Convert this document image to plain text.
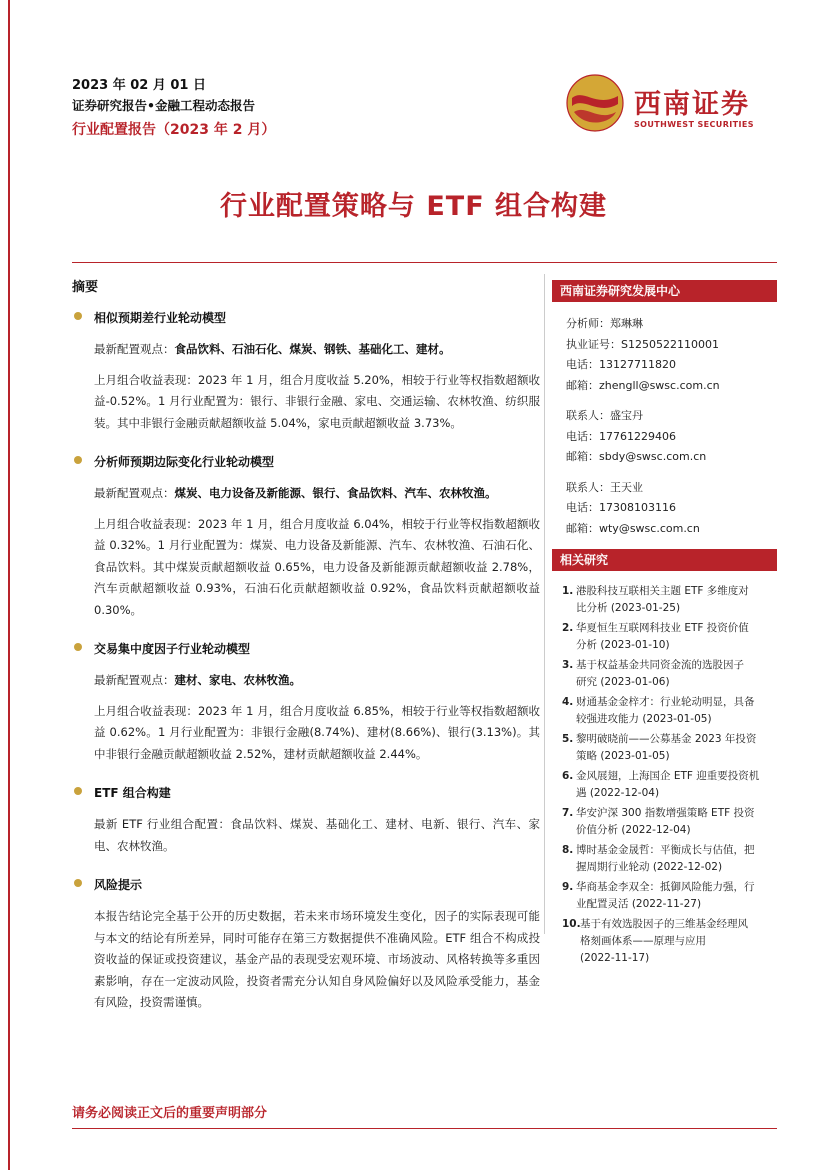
2023 年 02 月 01 日
证券研究报告•金融工程动态报告
行业配置报告（2023 年 2 月）
西南证券
SOUTHWEST SECURITIES
行业配置策略与 ETF 组合构建
摘要
相似预期差行业轮动模型
最新配置观点：食品饮料、石油石化、煤炭、钢铁、基础化工、建材。
上月组合收益表现：2023 年 1 月，组合月度收益 5.20%，相较于行业等权指数超额收益-0.52%。1 月行业配置为：银行、非银行金融、家电、交通运输、农林牧渔、纺织服装。其中非银行金融贡献超额收益 5.04%，家电贡献超额收益 3.73%。
分析师预期边际变化行业轮动模型
最新配置观点：煤炭、电力设备及新能源、银行、食品饮料、汽车、农林牧渔。
上月组合收益表现：2023 年 1 月，组合月度收益 6.04%，相较于行业等权指数超额收益 0.32%。1 月行业配置为：煤炭、电力设备及新能源、汽车、农林牧渔、石油石化、食品饮料。其中煤炭贡献超额收益 0.65%，电力设备及新能源贡献超额收益 2.78%，汽车贡献超额收益 0.93%，石油石化贡献超额收益 0.92%，食品饮料贡献超额收益 0.30%。
交易集中度因子行业轮动模型
最新配置观点：建材、家电、农林牧渔。
上月组合收益表现：2023 年 1 月，组合月度收益 6.85%，相较于行业等权指数超额收益 0.62%。1 月行业配置为：非银行金融(8.74%)、建材(8.66%)、银行(3.13%)。其中非银行金融贡献超额收益 2.52%，建材贡献超额收益 2.44%。
ETF 组合构建
最新 ETF 行业组合配置：食品饮料、煤炭、基础化工、建材、电新、银行、汽车、家电、农林牧渔。
风险提示
本报告结论完全基于公开的历史数据，若未来市场环境发生变化，因子的实际表现可能与本文的结论有所差异，同时可能存在第三方数据提供不准确风险。ETF 组合不构成投资收益的保证或投资建议，基金产品的表现受宏观环境、市场波动、风格转换等多重因素影响，存在一定波动风险，投资者需充分认知自身风险偏好以及风险承受能力，基金有风险，投资需谨慎。
西南证券研究发展中心
分析师：郑琳琳
执业证号：S1250522110001
电话：13127711820
邮箱：zhengll@swsc.com.cn
联系人：盛宝丹
电话：17761229406
邮箱：sbdy@swsc.com.cn
联系人：王天业
电话：17308103116
邮箱：wty@swsc.com.cn
相关研究
1. 港股科技互联相关主题 ETF 多维度对
比分析 (2023-01-25)
2. 华夏恒生互联网科技业 ETF 投资价值
分析 (2023-01-10)
3. 基于权益基金共同资金流的选股因子
研究 (2023-01-06)
4. 财通基金金梓才：行业轮动明显，具备
较强进攻能力 (2023-01-05)
5. 黎明破晓前——公募基金 2023 年投资
策略 (2023-01-05)
6. 金风展翅，上海国企 ETF 迎重要投资机
遇 (2022-12-04)
7. 华安沪深 300 指数增强策略 ETF 投资
价值分析 (2022-12-04)
8. 博时基金金晟哲：平衡成长与估值，把
握周期行业轮动 (2022-12-02)
9. 华商基金李双全：抵御风险能力强，行
业配置灵活 (2022-11-27)
10. 基于有效选股因子的三维基金经理风
格刻画体系——原理与应用
(2022-11-17)
请务必阅读正文后的重要声明部分
